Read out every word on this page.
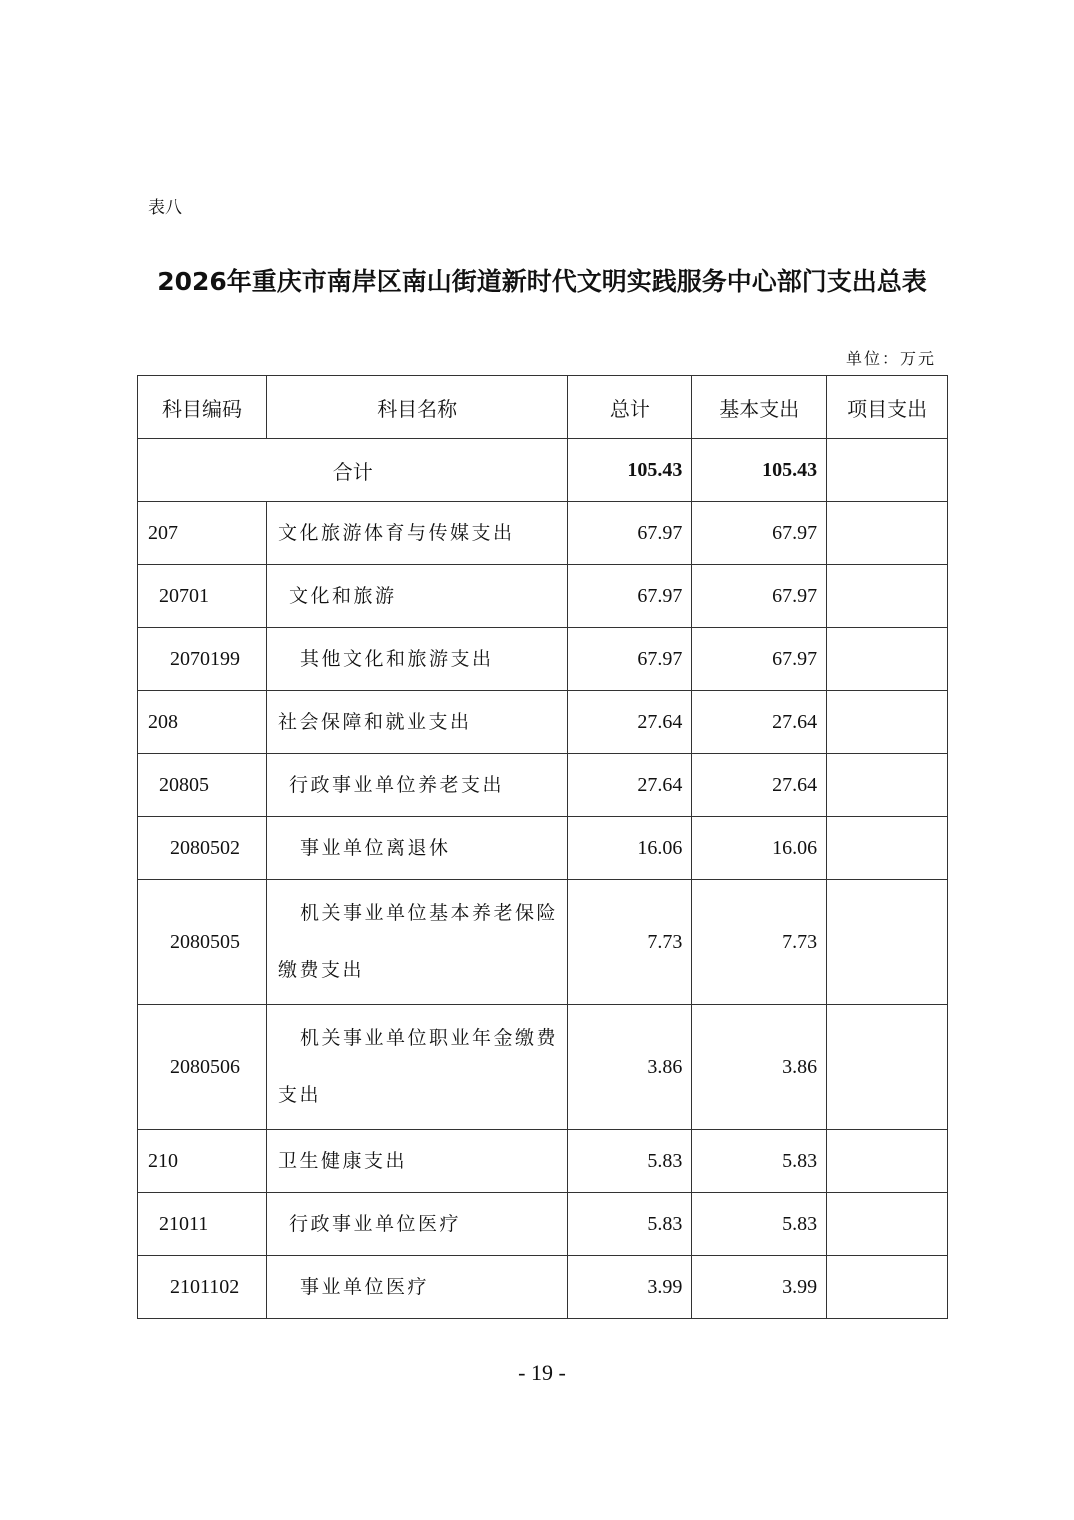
表八
2026年重庆市南岸区南山街道新时代文明实践服务中心部门支出总表
单位：万元
科目编码	科目名称	总计	基本支出	项目支出
合计		105.43	105.43	
207	文化旅游体育与传媒支出	67.97	67.97	
20701	文化和旅游	67.97	67.97	
2070199	其他文化和旅游支出	67.97	67.97	
208	社会保障和就业支出	27.64	27.64	
20805	行政事业单位养老支出	27.64	27.64	
2080502	事业单位离退休	16.06	16.06	
2080505	机关事业单位基本养老保险缴费支出	7.73	7.73	
2080506	机关事业单位职业年金缴费支出	3.86	3.86	
210	卫生健康支出	5.83	5.83	
21011	行政事业单位医疗	5.83	5.83	
2101102	事业单位医疗	3.99	3.99	
- 19 -
